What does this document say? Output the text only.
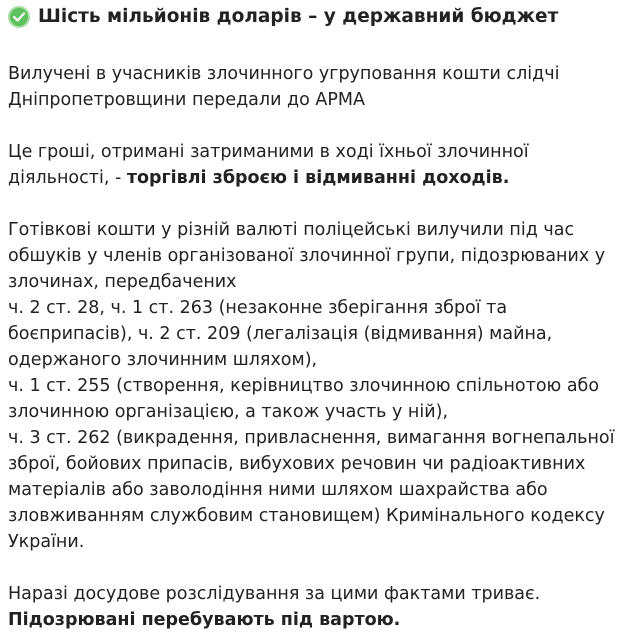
Шість мільйонів доларів – у державний бюджет
Вилучені в учасників злочинного угруповання кошти слідчі
Дніпропетровщини передали до АРМА
Це гроші, отримані затриманими в ході їхньої злочинної
діяльності, - торгівлі зброєю і відмиванні доходів.
Готівкові кошти у різній валюті поліцейські вилучили під час
обшуків у членів організованої злочинної групи, підозрюваних у
злочинах, передбачених
ч. 2 ст. 28, ч. 1 ст. 263 (незаконне зберігання зброї та
боєприпасів), ч. 2 ст. 209 (легалізація (відмивання) майна,
одержаного злочинним шляхом),
ч. 1 ст. 255 (створення, керівництво злочинною спільнотою або
злочинною організацією, а також участь у ній),
ч. 3 ст. 262 (викрадення, привласнення, вимагання вогнепальної
зброї, бойових припасів, вибухових речовин чи радіоактивних
матеріалів або заволодіння ними шляхом шахрайства або
зловживанням службовим становищем) Кримінального кодексу
України.
Наразі досудове розслідування за цими фактами триває.
Підозрювані перебувають під вартою.
